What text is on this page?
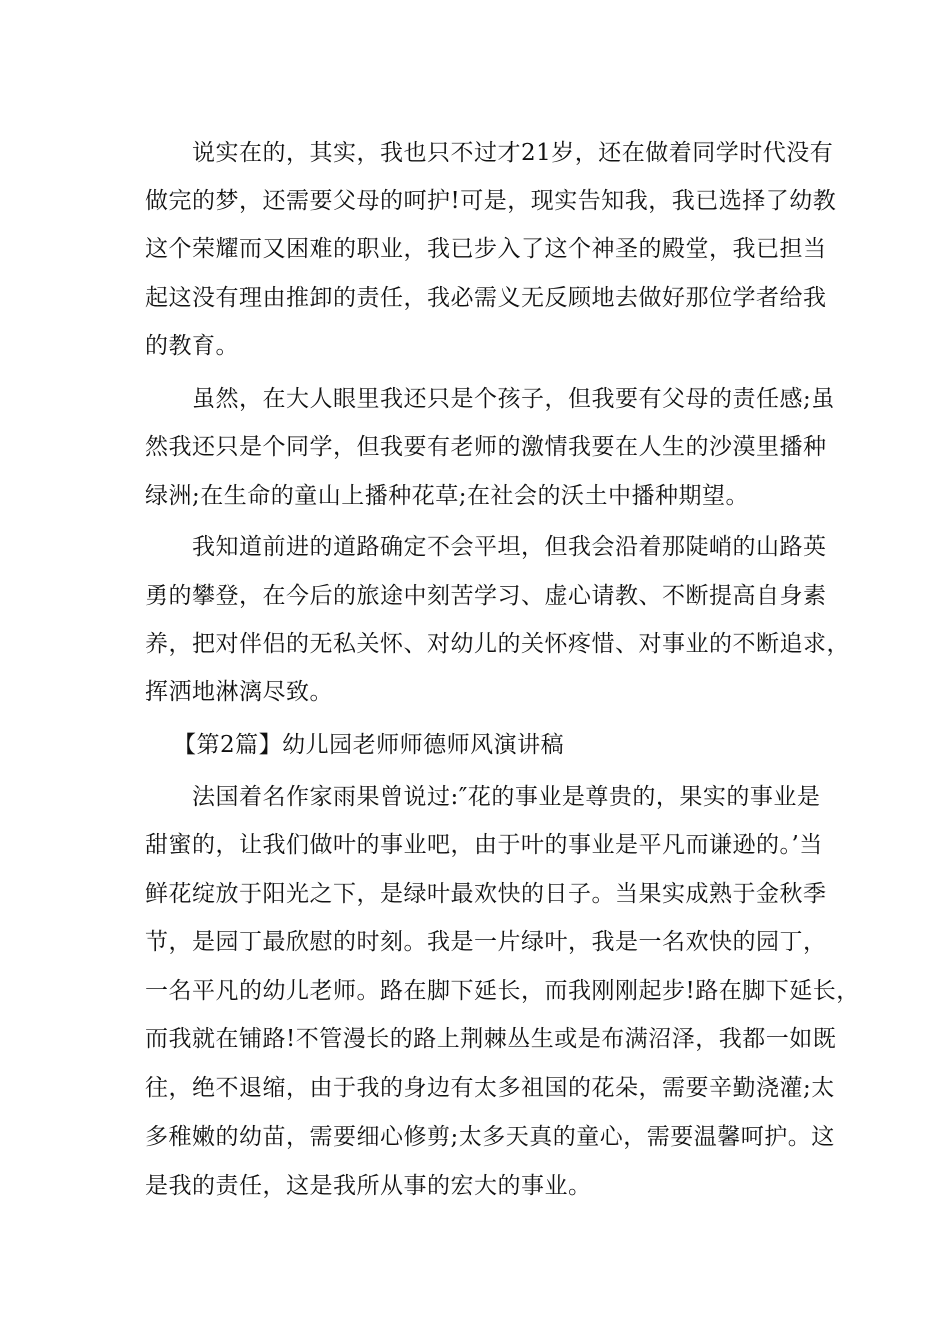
说实在的，其实，我也只不过才21岁，还在做着同学时代没有
做完的梦，还需要父母的呵护!可是，现实告知我，我已选择了幼教
这个荣耀而又困难的职业，我已步入了这个神圣的殿堂，我已担当
起这没有理由推卸的责任，我必需义无反顾地去做好那位学者给我
的教育。
虽然，在大人眼里我还只是个孩子，但我要有父母的责任感;虽
然我还只是个同学，但我要有老师的激情我要在人生的沙漠里播种
绿洲;在生命的童山上播种花草;在社会的沃土中播种期望。
我知道前进的道路确定不会平坦，但我会沿着那陡峭的山路英
勇的攀登，在今后的旅途中刻苦学习、虚心请教、不断提高自身素
养，把对伴侣的无私关怀、对幼儿的关怀疼惜、对事业的不断追求，
挥洒地淋漓尽致。
【第2篇】幼儿园老师师德师风演讲稿
法国着名作家雨果曾说过:″花的事业是尊贵的，果实的事业是
甜蜜的，让我们做叶的事业吧，由于叶的事业是平凡而谦逊的。’当
鲜花绽放于阳光之下，是绿叶最欢快的日子。当果实成熟于金秋季
节，是园丁最欣慰的时刻。我是一片绿叶，我是一名欢快的园丁，
一名平凡的幼儿老师。路在脚下延长，而我刚刚起步!路在脚下延长，
而我就在铺路!不管漫长的路上荆棘丛生或是布满沼泽，我都一如既
往，绝不退缩，由于我的身边有太多祖国的花朵，需要辛勤浇灌;太
多稚嫩的幼苗，需要细心修剪;太多天真的童心，需要温馨呵护。这
是我的责任，这是我所从事的宏大的事业。
